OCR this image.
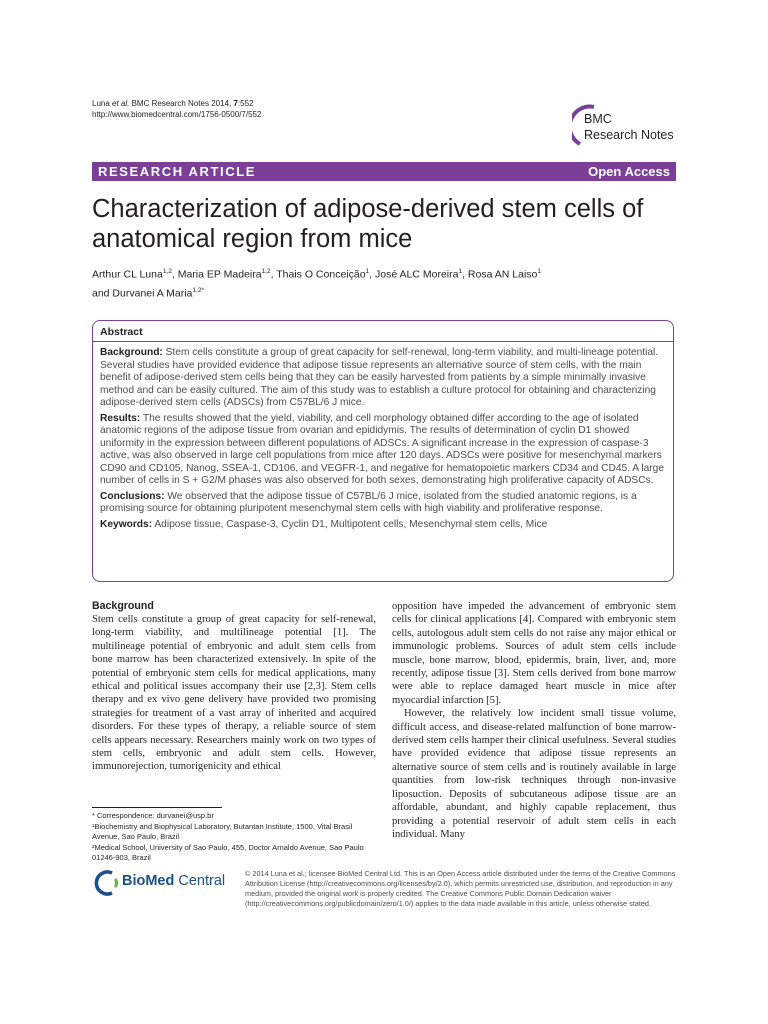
Luna et al. BMC Research Notes 2014, 7:552
http://www.biomedcentral.com/1756-0500/7/552	BMC
Research Notes
RESEARCH ARTICLE	Open Access
Characterization of adipose-derived stem cells of anatomical region from mice
Arthur CL Luna$^{1,2}$, Maria EP Madeira$^{1,2}$, Thais O Conceição$^1$, José ALC Moreira$^1$, Rosa AN Laiso$^1$
and Durvanei A Maria$^{1,2*}$
Abstract

Background: Stem cells constitute a group of great capacity for self-renewal, long-term viability, and multi-lineage potential. Several studies have provided evidence that adipose tissue represents an alternative source of stem cells, with the main benefit of adipose-derived stem cells being that they can be easily harvested from patients by a simple minimally invasive method and can be easily cultured. The aim of this study was to establish a culture protocol for obtaining and characterizing adipose-derived stem cells (ADSCs) from C57BL/6 J mice.

Results: The results showed that the yield, viability, and cell morphology obtained differ according to the age of isolated anatomic regions of the adipose tissue from ovarian and epididymis. The results of determination of cyclin D1 showed uniformity in the expression between different populations of ADSCs. A significant increase in the expression of caspase-3 active, was also observed in large cell populations from mice after 120 days. ADSCs were positive for mesenchymal markers CD90 and CD105, Nanog, SSEA-1, CD106, and VEGFR-1, and negative for hematopoietic markers CD34 and CD45. A large number of cells in S + G2/M phases was also observed for both sexes, demonstrating high proliferative capacity of ADSCs.

Conclusions: We observed that the adipose tissue of C57BL/6 J mice, isolated from the studied anatomic regions, is a promising source for obtaining pluripotent mesenchymal stem cells with high viability and proliferative response.

Keywords: Adipose tissue, Caspase-3, Cyclin D1, Multipotent cells, Mesenchymal stem cells, Mice

Background

Stem cells constitute a group of great capacity for self-renewal, long-term viability, and multilineage potential [1]. The multilineage potential of embryonic and adult stem cells from bone marrow has been characterized extensively. In spite of the potential of embryonic stem cells for medical applications, many ethical and political issues accompany their use [2,3]. Stem cells therapy and ex vivo gene delivery have provided two promising strategies for treatment of a vast array of inherited and acquired disorders. For these types of therapy, a reliable source of stem cells appears necessary. Researchers mainly work on two types of stem cells, embryonic and adult stem cells. However, immunorejection, tumorigenicity and ethical

opposition have impeded the advancement of embryonic stem cells for clinical applications [4]. Compared with embryonic stem cells, autologous adult stem cells do not raise any major ethical or immunologic problems. Sources of adult stem cells include muscle, bone marrow, blood, epidermis, brain, liver, and, more recently, adipose tissue [3]. Stem cells derived from bone marrow were able to replace damaged heart muscle in mice after myocardial infarction [5].

However, the relatively low incident small tissue volume, difficult access, and disease-related malfunction of bone marrow-derived stem cells hamper their clinical usefulness. Several studies have provided evidence that adipose tissue represents an alternative source of stem cells and is routinely available in large quantities from low-risk techniques through non-invasive liposuction. Deposits of subcutaneous adipose tissue are an affordable, abundant, and highly capable replacement, thus providing a potential reservoir of adult stem cells in each individual. Many

* Correspondence: durvanei@usp.br

¹Biochemistry and Biophysical Laboratory, Butantan Institute, 1500, Vital Brasil Avenue, Sao Paulo, Brazil

²Medical School, University of Sao Paulo, 455, Doctor Arnaldo Avenue, Sao Paulo 01246-903, Brazil

BioMed Central	© 2014 Luna et al.; licensee BioMed Central Ltd. This is an Open Access article distributed under the terms of the Creative Commons Attribution License (http://creativecommons.org/licenses/by/2.0), which permits unrestricted use, distribution, and reproduction in any medium, provided the original work is properly credited. The Creative Commons Public Domain Dedication waiver (http://creativecommons.org/publicdomain/zero/1.0/) applies to the data made available in this article, unless otherwise stated.
